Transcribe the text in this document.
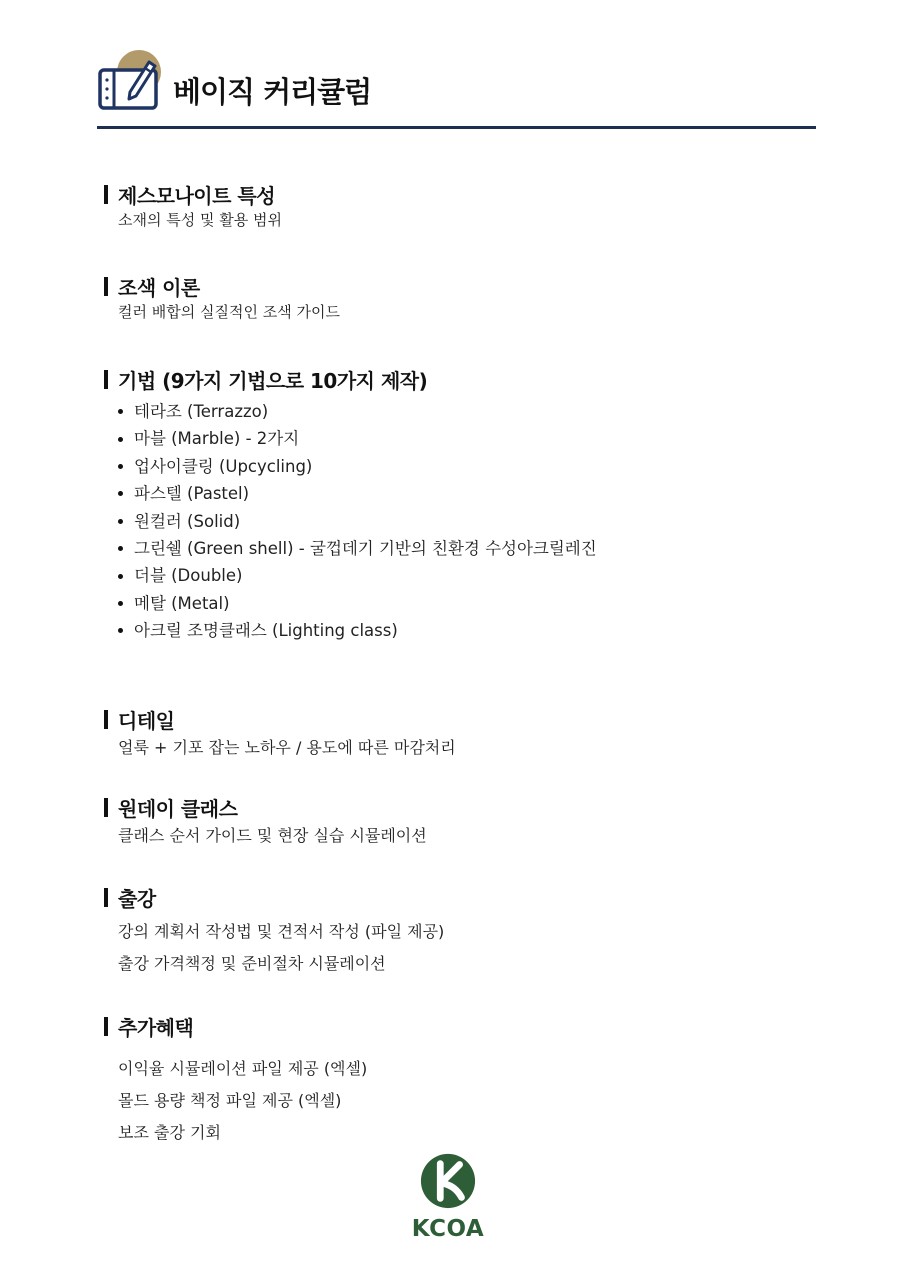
베이직 커리큘럼
제스모나이트 특성
소재의 특성 및 활용 범위
조색 이론
컬러 배합의 실질적인 조색 가이드
기법 (9가지 기법으로 10가지 제작)
테라조 (Terrazzo)
마블 (Marble) - 2가지
업사이클링 (Upcycling)
파스텔 (Pastel)
원컬러 (Solid)
그린쉘 (Green shell) - 굴껍데기 기반의 친환경 수성아크릴레진
더블 (Double)
메탈 (Metal)
아크릴 조명클래스 (Lighting class)
디테일
얼룩 + 기포 잡는 노하우 / 용도에 따른 마감처리
원데이 클래스
클래스 순서 가이드 및 현장 실습 시뮬레이션
출강
강의 계획서 작성법 및 견적서 작성 (파일 제공)
출강 가격책정 및 준비절차 시뮬레이션
추가혜택
이익율 시뮬레이션 파일 제공 (엑셀)
몰드 용량 책정 파일 제공 (엑셀)
보조 출강 기회
KCOA
